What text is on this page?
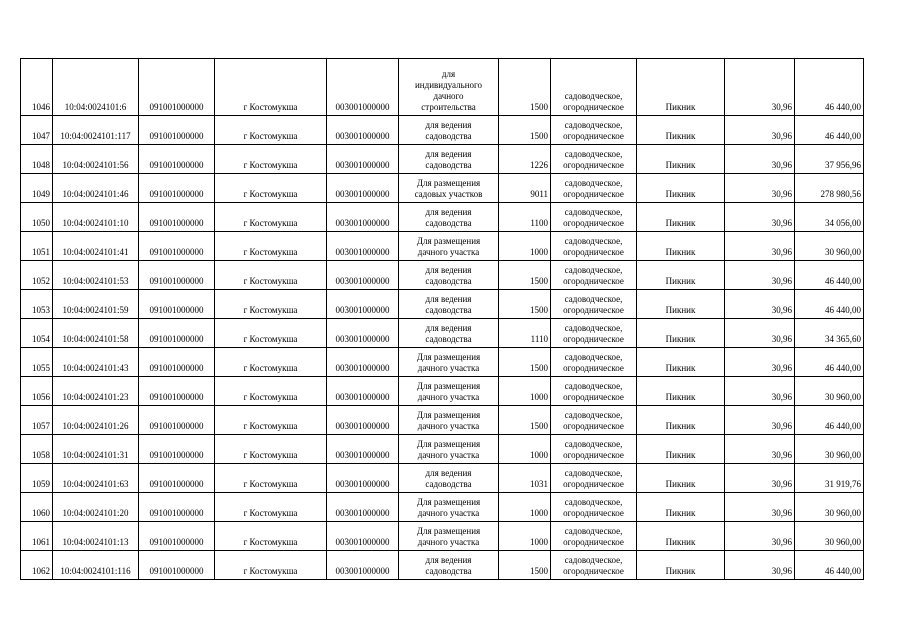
1046	10:04:0024101:6	091001000000	г Костомукша	003001000000	для
индивидуального
дачного
строительства	1500	садоводческое,
огородническое	Пикник	30,96	46 440,00
1047	10:04:0024101:117	091001000000	г Костомукша	003001000000	для ведения
садоводства	1500	садоводческое,
огородническое	Пикник	30,96	46 440,00
1048	10:04:0024101:56	091001000000	г Костомукша	003001000000	для ведения
садоводства	1226	садоводческое,
огородническое	Пикник	30,96	37 956,96
1049	10:04:0024101:46	091001000000	г Костомукша	003001000000	Для размещения
садовых участков	9011	садоводческое,
огородническое	Пикник	30,96	278 980,56
1050	10:04:0024101:10	091001000000	г Костомукша	003001000000	для ведения
садоводства	1100	садоводческое,
огородническое	Пикник	30,96	34 056,00
1051	10:04:0024101:41	091001000000	г Костомукша	003001000000	Для размещения
дачного участка	1000	садоводческое,
огородническое	Пикник	30,96	30 960,00
1052	10:04:0024101:53	091001000000	г Костомукша	003001000000	для ведения
садоводства	1500	садоводческое,
огородническое	Пикник	30,96	46 440,00
1053	10:04:0024101:59	091001000000	г Костомукша	003001000000	для ведения
садоводства	1500	садоводческое,
огородническое	Пикник	30,96	46 440,00
1054	10:04:0024101:58	091001000000	г Костомукша	003001000000	для ведения
садоводства	1110	садоводческое,
огородническое	Пикник	30,96	34 365,60
1055	10:04:0024101:43	091001000000	г Костомукша	003001000000	Для размещения
дачного участка	1500	садоводческое,
огородническое	Пикник	30,96	46 440,00
1056	10:04:0024101:23	091001000000	г Костомукша	003001000000	Для размещения
дачного участка	1000	садоводческое,
огородническое	Пикник	30,96	30 960,00
1057	10:04:0024101:26	091001000000	г Костомукша	003001000000	Для размещения
дачного участка	1500	садоводческое,
огородническое	Пикник	30,96	46 440,00
1058	10:04:0024101:31	091001000000	г Костомукша	003001000000	Для размещения
дачного участка	1000	садоводческое,
огородническое	Пикник	30,96	30 960,00
1059	10:04:0024101:63	091001000000	г Костомукша	003001000000	для ведения
садоводства	1031	садоводческое,
огородническое	Пикник	30,96	31 919,76
1060	10:04:0024101:20	091001000000	г Костомукша	003001000000	Для размещения
дачного участка	1000	садоводческое,
огородническое	Пикник	30,96	30 960,00
1061	10:04:0024101:13	091001000000	г Костомукша	003001000000	Для размещения
дачного участка	1000	садоводческое,
огородническое	Пикник	30,96	30 960,00
1062	10:04:0024101:116	091001000000	г Костомукша	003001000000	для ведения
садоводства	1500	садоводческое,
огородническое	Пикник	30,96	46 440,00
